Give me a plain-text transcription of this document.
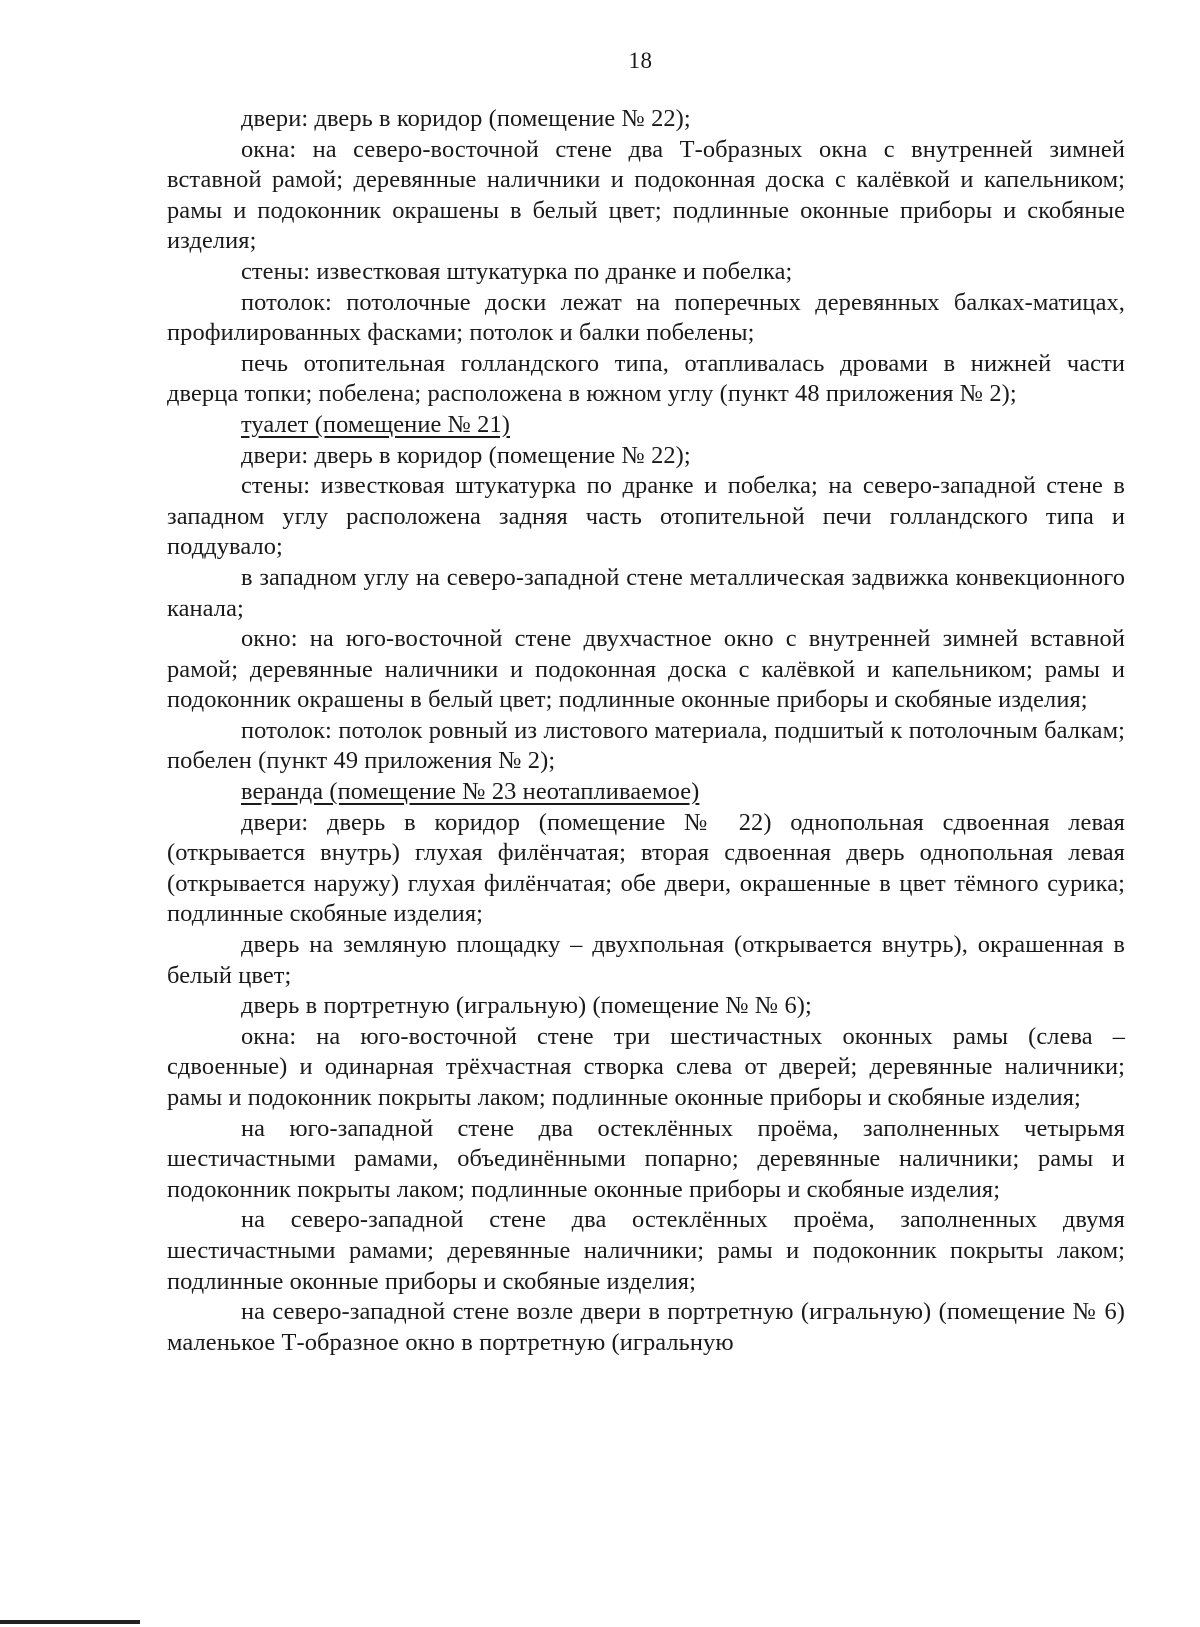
18

двери: дверь в коридор (помещение № 22);

окна: на северо-восточной стене два Т-образных окна с внутренней зимней вставной рамой; деревянные наличники и подоконная доска с калёвкой и капельником; рамы и подоконник окрашены в белый цвет; подлинные оконные приборы и скобяные изделия;

стены: известковая штукатурка по дранке и побелка;

потолок: потолочные доски лежат на поперечных деревянных балках-матицах, профилированных фасками; потолок и балки побелены;

печь отопительная голландского типа, отапливалась дровами в нижней части дверца топки; побелена; расположена в южном углу (пункт 48 приложения № 2);

туалет (помещение № 21)

двери: дверь в коридор (помещение № 22);

стены: известковая штукатурка по дранке и побелка; на северо-западной стене в западном углу расположена задняя часть отопительной печи голландского типа и поддувало;

в западном углу на северо-западной стене металлическая задвижка конвекционного канала;

окно: на юго-восточной стене двухчастное окно с внутренней зимней вставной рамой; деревянные наличники и подоконная доска с калёвкой и капельником; рамы и подоконник окрашены в белый цвет; подлинные оконные приборы и скобяные изделия;

потолок: потолок ровный из листового материала, подшитый к потолочным балкам; побелен (пункт 49 приложения № 2);

веранда (помещение № 23 неотапливаемое)

двери: дверь в коридор (помещение № 22) однопольная сдвоенная левая (открывается внутрь) глухая филёнчатая; вторая сдвоенная дверь однопольная левая (открывается наружу) глухая филёнчатая; обе двери, окрашенные в цвет тёмного сурика; подлинные скобяные изделия;

дверь на земляную площадку – двухпольная (открывается внутрь), окрашенная в белый цвет;

дверь в портретную (игральную) (помещение № № 6);

окна: на юго-восточной стене три шестичастных оконных рамы (слева – сдвоенные) и одинарная трёхчастная створка слева от дверей; деревянные наличники; рамы и подоконник покрыты лаком; подлинные оконные приборы и скобяные изделия;

на юго-западной стене два остеклённых проёма, заполненных четырьмя шестичастными рамами, объединёнными попарно; деревянные наличники; рамы и подоконник покрыты лаком; подлинные оконные приборы и скобяные изделия;

на северо-западной стене два остеклённых проёма, заполненных двумя шестичастными рамами; деревянные наличники; рамы и подоконник покрыты лаком; подлинные оконные приборы и скобяные изделия;

на северо-западной стене возле двери в портретную (игральную) (помещение № 6) маленькое Т-образное окно в портретную (игральную
